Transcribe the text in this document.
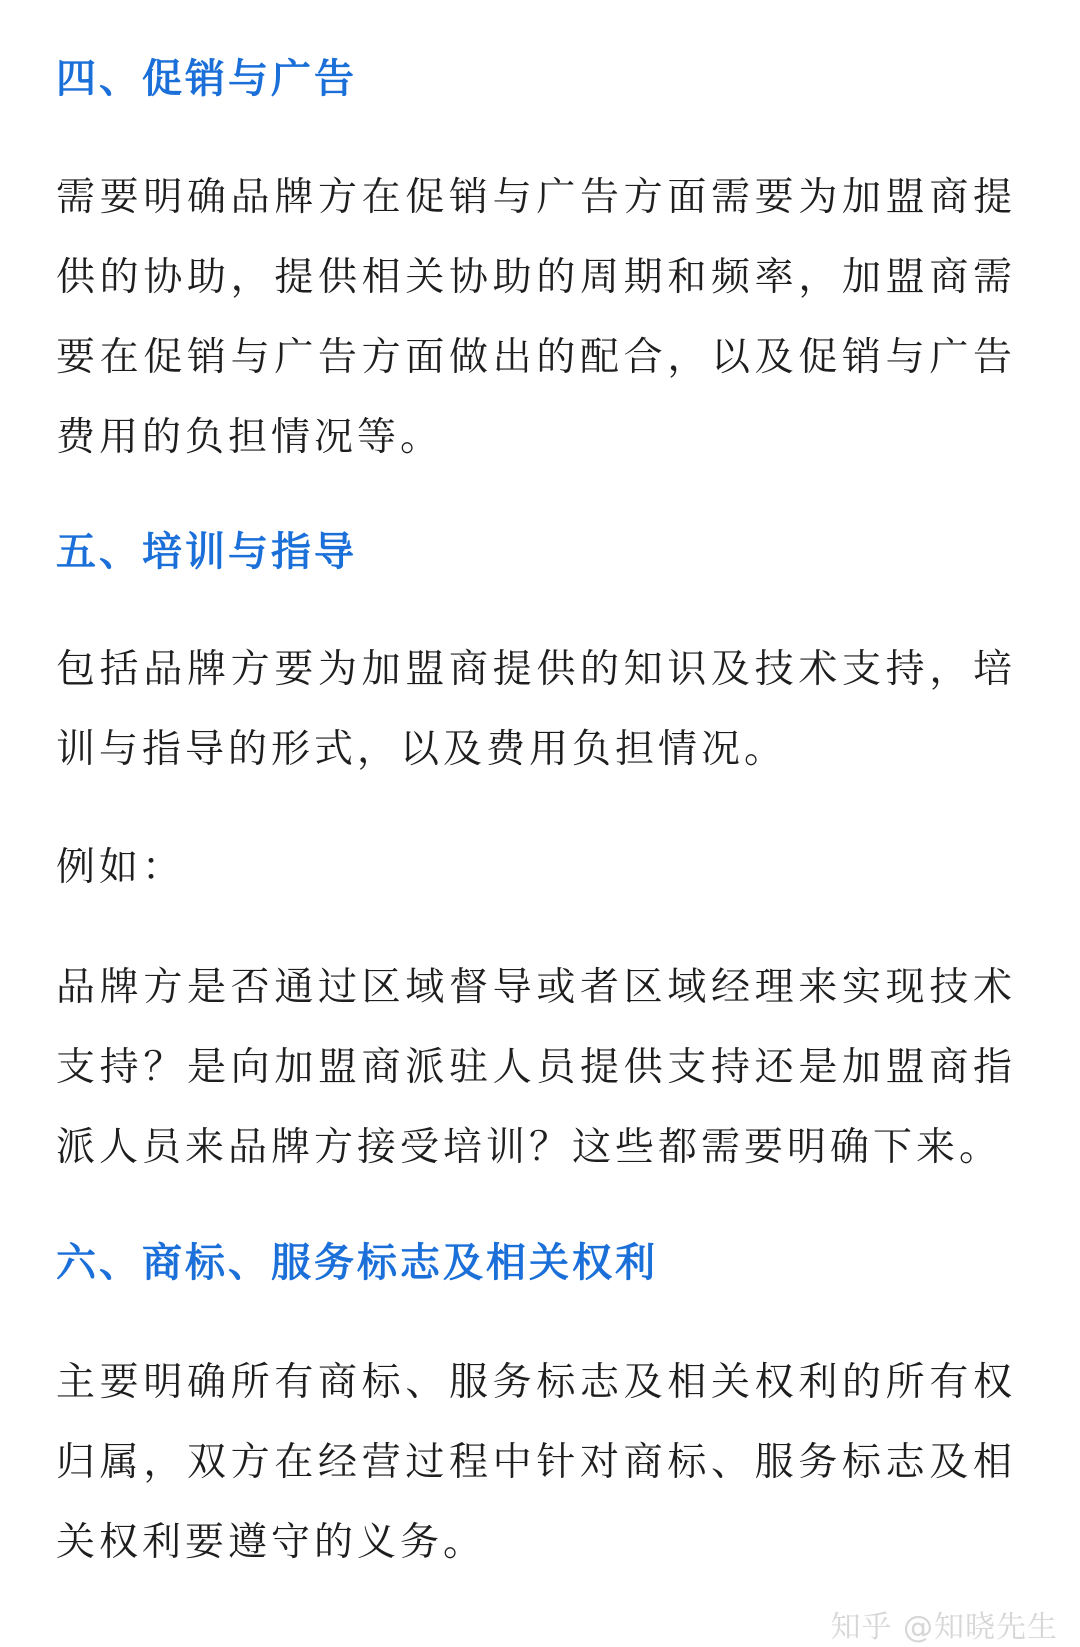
四、促销与广告
需要明确品牌方在促销与广告方面需要为加盟商提供的协助，提供相关协助的周期和频率，加盟商需要在促销与广告方面做出的配合，以及促销与广告费用的负担情况等。
五、培训与指导
包括品牌方要为加盟商提供的知识及技术支持，培训与指导的形式，以及费用负担情况。
例如：
品牌方是否通过区域督导或者区域经理来实现技术支持？是向加盟商派驻人员提供支持还是加盟商指派人员来品牌方接受培训？这些都需要明确下来。
六、商标、服务标志及相关权利
主要明确所有商标、服务标志及相关权利的所有权归属，双方在经营过程中针对商标、服务标志及相关权利要遵守的义务。
知乎 @知晓先生
